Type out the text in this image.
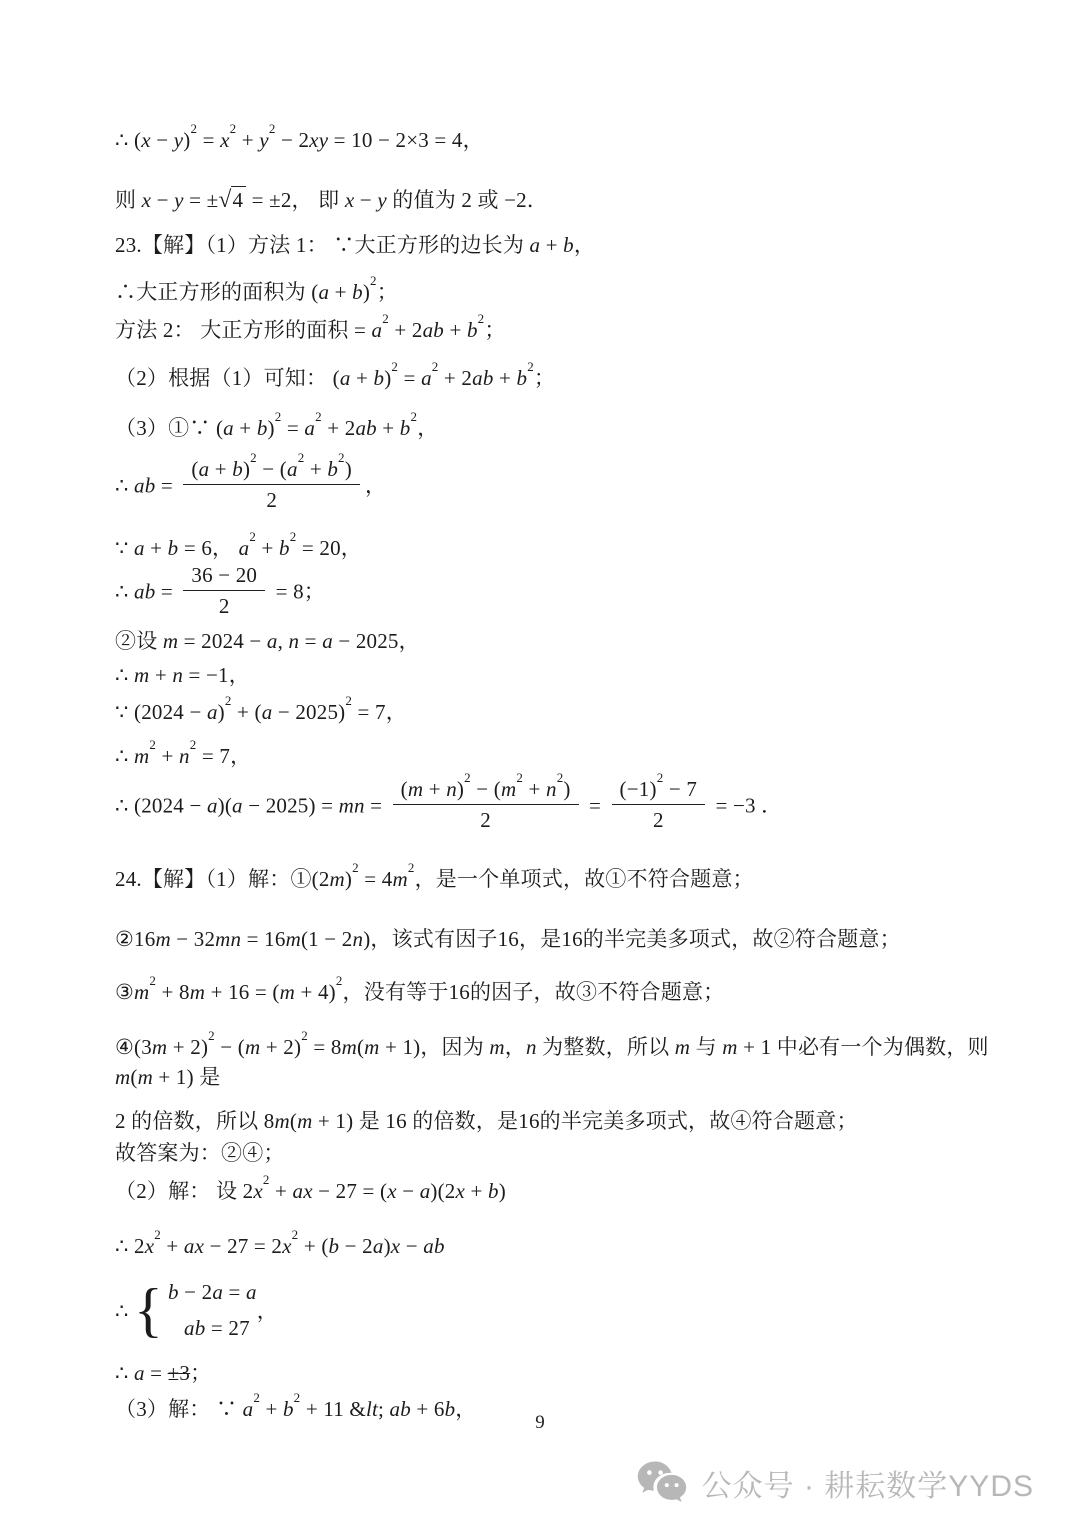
∴ $(x - y)^2 = x^2 + y^2 - 2xy = 10 - 2\times 3 = 4$，
则 x − y = ±√4 = ±2， 即 x − y 的值为 2 或 −2．
23.【解】（1）方法 1： ∵大正方形的边长为 a + b，
∴大正方形的面积为 $(a + b)^2$；
方法 2： 大正方形的面积 = $a^2 + 2ab + b^2$；
（2）根据（1）可知： $(a + b)^2 = a^2 + 2ab + b^2$；
（3）①∵ $(a + b)^2 = a^2 + 2ab + b^2$，
∴ ab = $\frac{(a + b)^2 - (a^2 + b^2)}{2}$ ，
∵ a + b = 6， $a^2 + b^2 = 20$，
∴ ab = $\frac{36 - 20}{2} = 8$；
②设 m = 2024 − a, n = a − 2025，
∴ m + n = −1，
∵ $(2024 - a)^2 + (a - 2025)^2 = 7$，
∴ $m^2 + n^2 = 7$，
∴ (2024 − a)(a − 2025) = mn = $\frac{(m + n)^2 - (m^2 + n^2)}{2} = \frac{(-1)^2 - 7}{2} = -3$ ．
24.【解】（1）解：$①(2m)^2 = 4m^2$，是一个单项式，故①不符合题意；
②16m − 32mn = 16m(1 − 2n)，该式有因子16，是16的半完美多项式，故②符合题意；
$③m^2 + 8m + 16 = (m + 4)^2$，没有等于16的因子，故③不符合题意；
④(3m + $2)^2 - (m + 2)^2 = 8m(m + 1)$，因为 m，n 为整数，所以 m 与 m + 1 中必有一个为偶数，则 m(m + 1) 是
2 的倍数，所以 8m(m + 1) 是 16 的倍数，是16的半完美多项式，故④符合题意；
故答案为：②④；
（2）解： 设 $2x^2$ + ax − 27 = (x − a)(2x + b)
∴ $2x^2$ + ax − $27 = 2x^2 + (b - 2a)x$ − ab
∴ { b − 2a = a
ab = 27
，
∴ a = ±3；
（3）解： ∵ $a^2 + b^2 + 11$ &lt; ab + 6b，
9
公众号 · 耕耘数学YYDS
